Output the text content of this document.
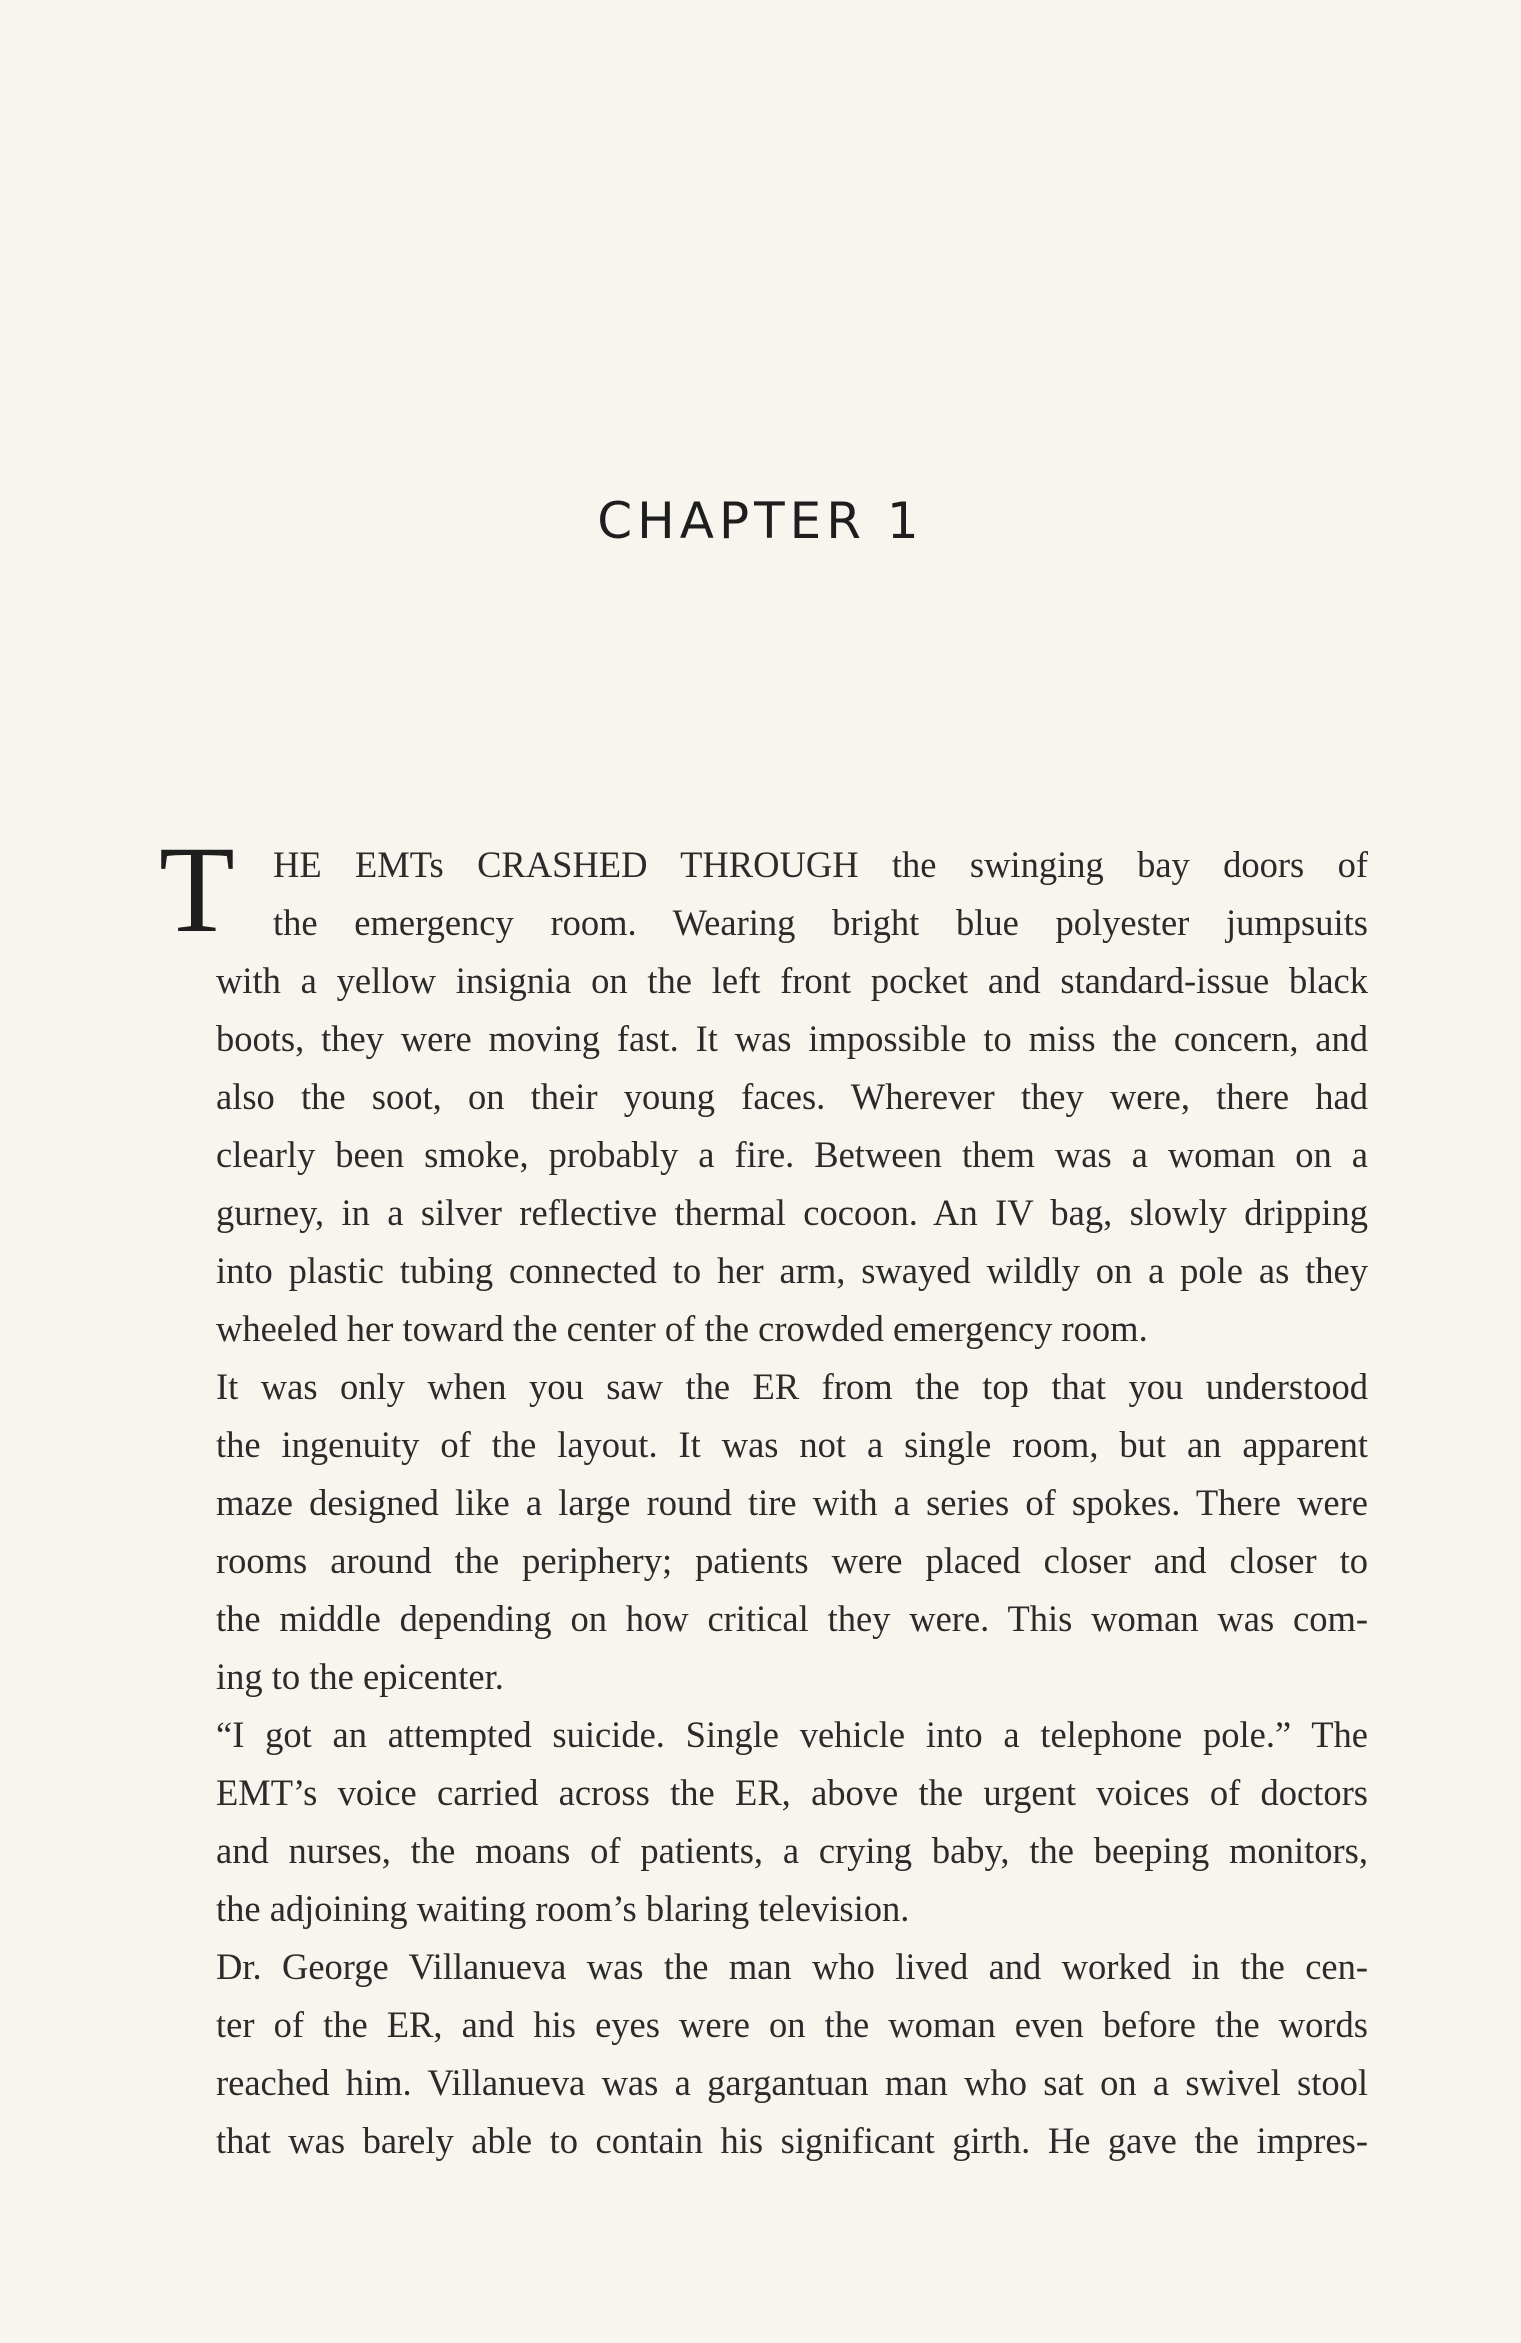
CHAPTER 1
T HE EMTs CRASHED THROUGH the swinging bay doors of
the emergency room. Wearing bright blue polyester jumpsuits
with a yellow insignia on the left front pocket and standard-issue black
boots, they were moving fast. It was impossible to miss the concern, and
also the soot, on their young faces. Wherever they were, there had
clearly been smoke, probably a fire. Between them was a woman on a
gurney, in a silver reflective thermal cocoon. An IV bag, slowly dripping
into plastic tubing connected to her arm, swayed wildly on a pole as they
wheeled her toward the center of the crowded emergency room.
It was only when you saw the ER from the top that you understood
the ingenuity of the layout. It was not a single room, but an apparent
maze designed like a large round tire with a series of spokes. There were
rooms around the periphery; patients were placed closer and closer to
the middle depending on how critical they were. This woman was com-
ing to the epicenter.
“I got an attempted suicide. Single vehicle into a telephone pole.” The
EMT’s voice carried across the ER, above the urgent voices of doctors
and nurses, the moans of patients, a crying baby, the beeping monitors,
the adjoining waiting room’s blaring television.
Dr. George Villanueva was the man who lived and worked in the cen-
ter of the ER, and his eyes were on the woman even before the words
reached him. Villanueva was a gargantuan man who sat on a swivel stool
that was barely able to contain his significant girth. He gave the impres-
